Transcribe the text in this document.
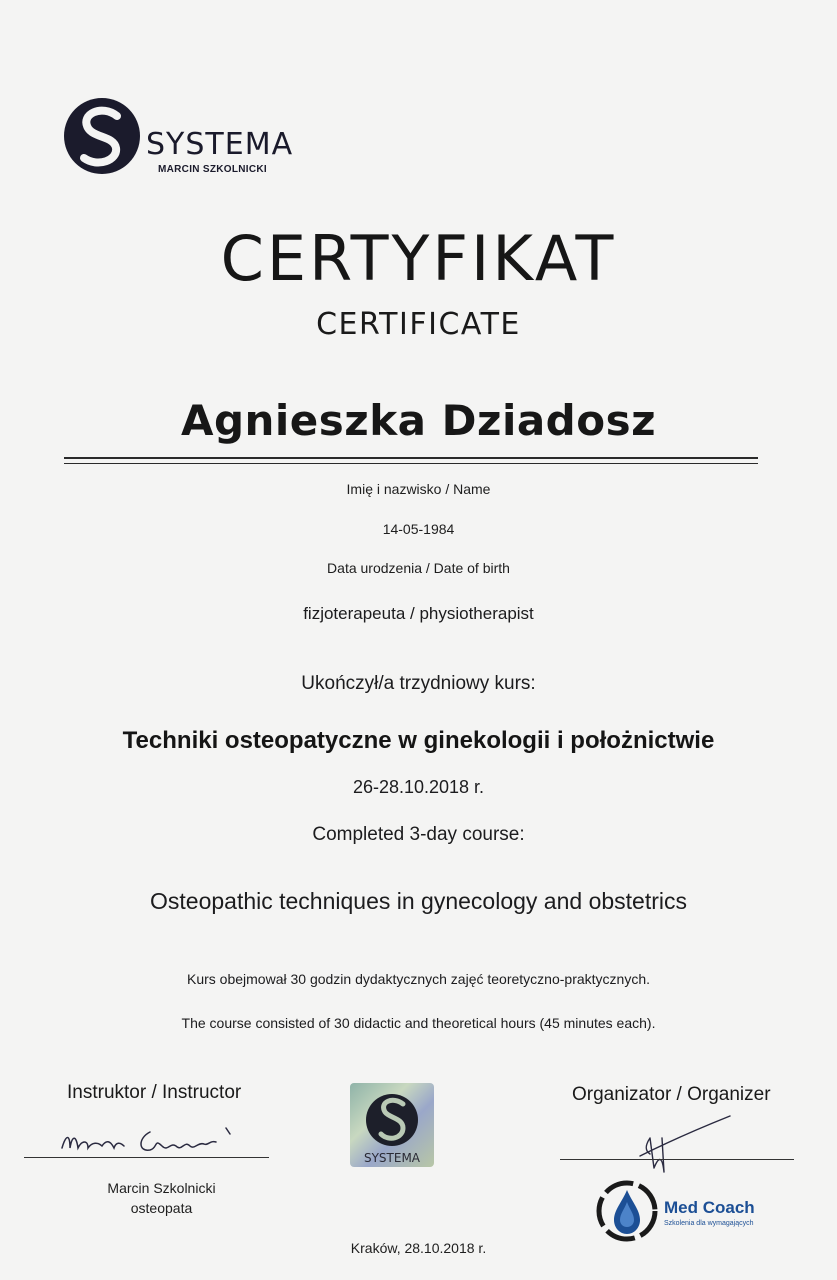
SYSTEMA
MARCIN SZKOLNICKI
CERTYFIKAT
CERTIFICATE
Agnieszka Dziadosz
Imię i nazwisko / Name
14-05-1984
Data urodzenia / Date of birth
fizjoterapeuta / physiotherapist
Ukończył/a trzydniowy kurs:
Techniki osteopatyczne w ginekologii i położnictwie
26-28.10.2018 r.
Completed 3-day course:
Osteopathic techniques in gynecology and obstetrics
Kurs obejmował 30 godzin dydaktycznych zajęć teoretyczno-praktycznych.
The course consisted of 30 didactic and theoretical hours (45 minutes each).
Instruktor / Instructor
Marcin Szkolnicki
osteopata
SYSTEMA
Organizator / Organizer
Med Coach
Szkolenia dla wymagających
Kraków, 28.10.2018 r.
